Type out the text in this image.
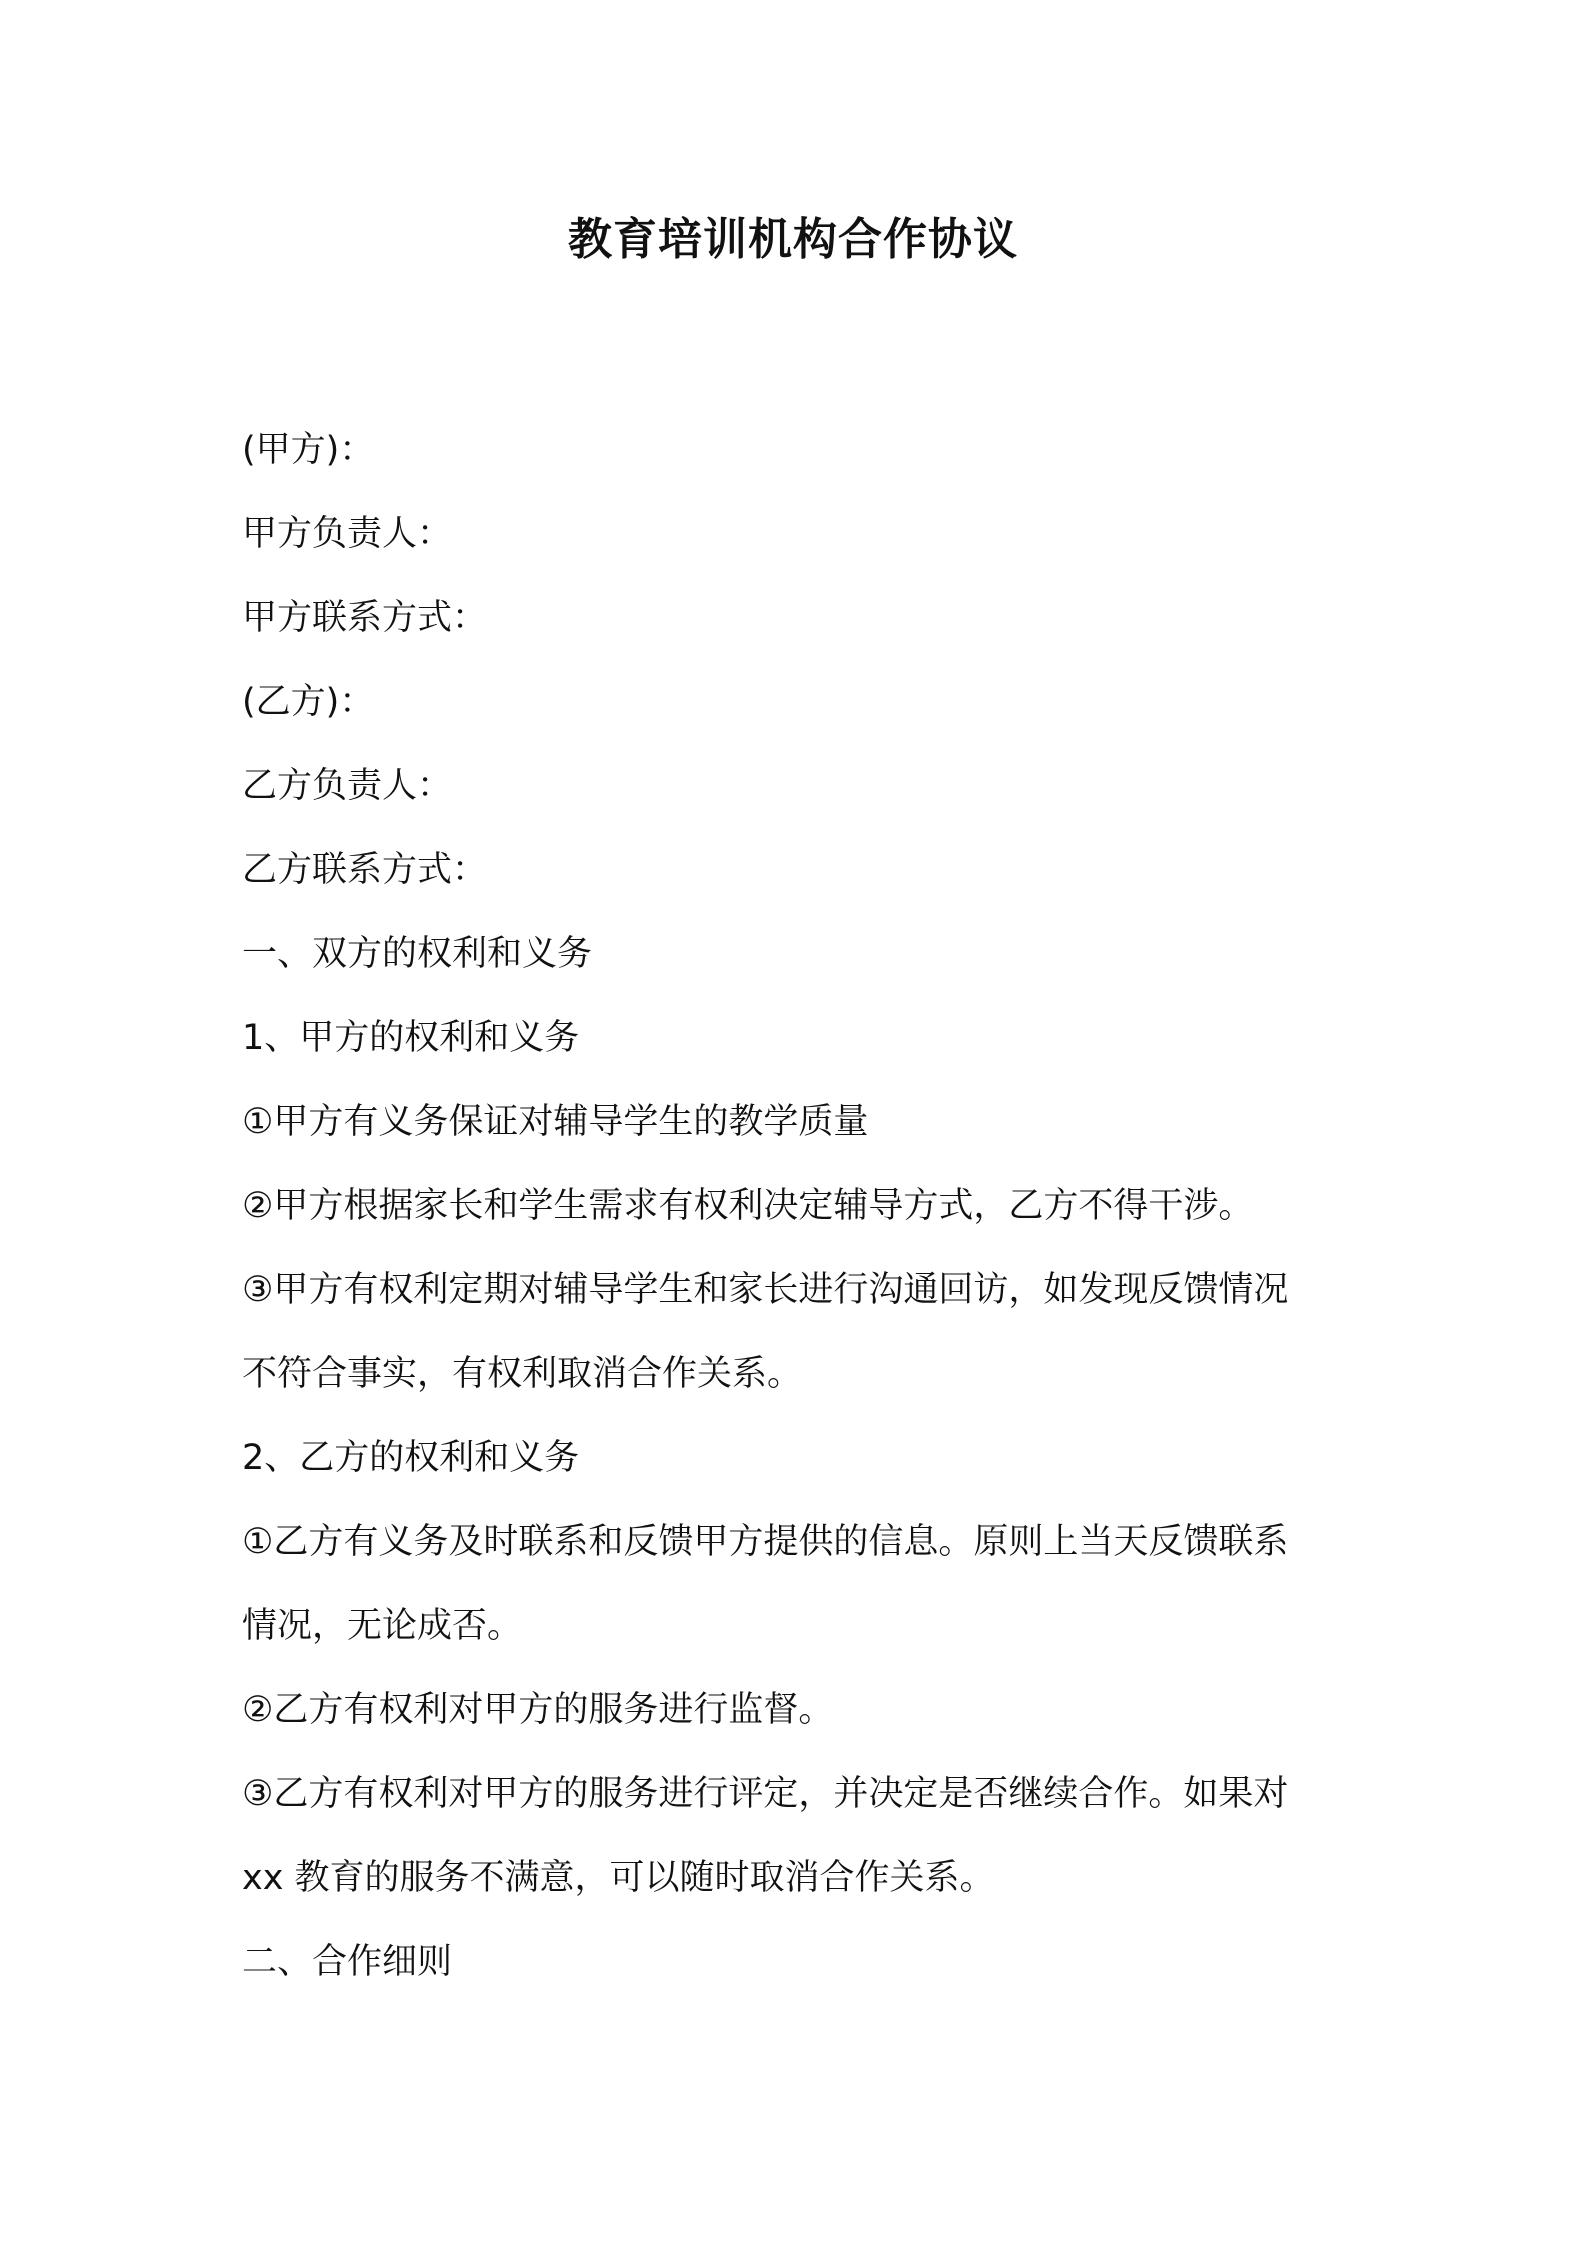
教育培训机构合作协议

(甲方)：

甲方负责人：

甲方联系方式：

(乙方)：

乙方负责人：

乙方联系方式：

一、双方的权利和义务

1、甲方的权利和义务

①甲方有义务保证对辅导学生的教学质量

②甲方根据家长和学生需求有权利决定辅导方式，乙方不得干涉。

③甲方有权利定期对辅导学生和家长进行沟通回访，如发现反馈情况

不符合事实，有权利取消合作关系。

2、乙方的权利和义务

①乙方有义务及时联系和反馈甲方提供的信息。原则上当天反馈联系

情况，无论成否。

②乙方有权利对甲方的服务进行监督。

③乙方有权利对甲方的服务进行评定，并决定是否继续合作。如果对

xx 教育的服务不满意，可以随时取消合作关系。

二、合作细则
